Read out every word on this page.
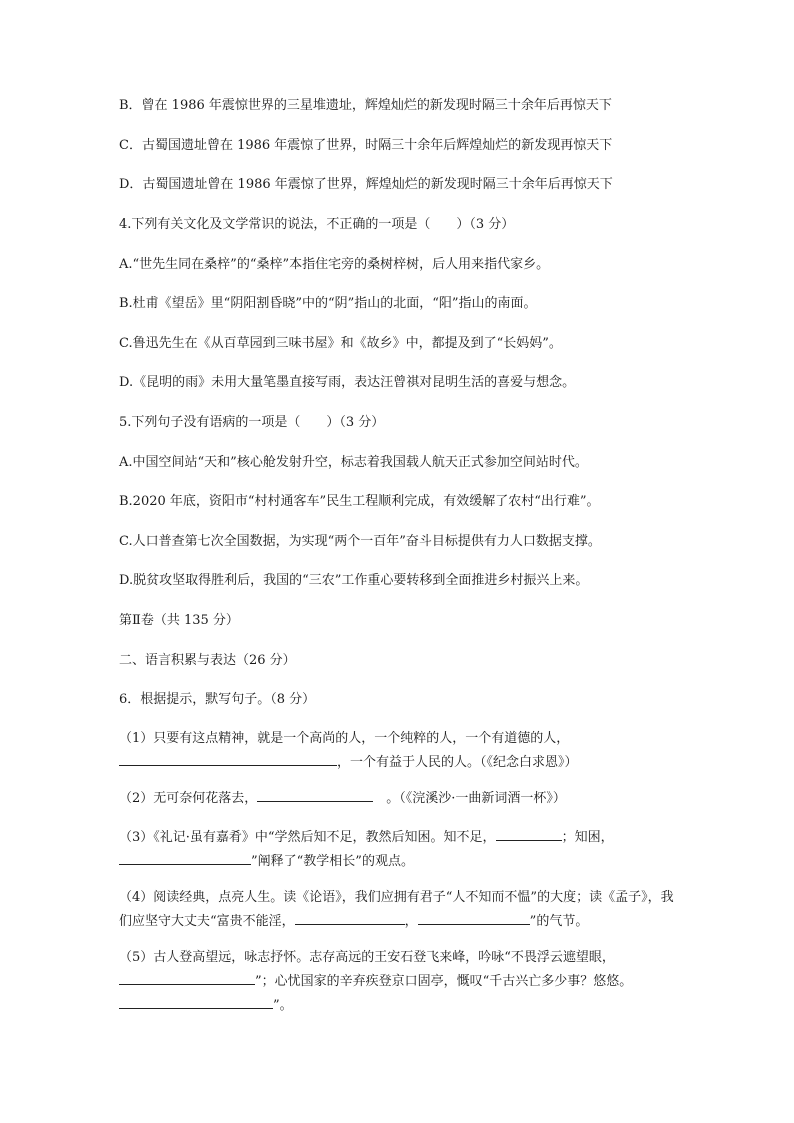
B．曾在 1986 年震惊世界的三星堆遗址，辉煌灿烂的新发现时隔三十余年后再惊天下
C．古蜀国遗址曾在 1986 年震惊了世界，时隔三十余年后辉煌灿烂的新发现再惊天下
D．古蜀国遗址曾在 1986 年震惊了世界，辉煌灿烂的新发现时隔三十余年后再惊天下
4.下列有关文化及文学常识的说法，不正确的一项是（　　）（3 分）
A.“世先生同在桑梓”的“桑梓”本指住宅旁的桑树梓树，后人用来指代家乡。
B.杜甫《望岳》里“阴阳割昏晓”中的“阴”指山的北面，“阳”指山的南面。
C.鲁迅先生在《从百草园到三味书屋》和《故乡》中，都提及到了“长妈妈”。
D.《昆明的雨》未用大量笔墨直接写雨，表达汪曾祺对昆明生活的喜爱与想念。
5.下列句子没有语病的一项是（　　）（3 分）
A.中国空间站“天和”核心舱发射升空，标志着我国载人航天正式参加空间站时代。
B.2020 年底，资阳市“村村通客车”民生工程顺利完成，有效缓解了农村“出行难”。
C.人口普查第七次全国数据，为实现“两个一百年”奋斗目标提供有力人口数据支撑。
D.脱贫攻坚取得胜利后，我国的“三农”工作重心要转移到全面推进乡村振兴上来。
第Ⅱ卷（共 135 分）
二、语言积累与表达（26 分）
6．根据提示，默写句子。（8 分）
（1）只要有这点精神，就是一个高尚的人，一个纯粹的人，一个有道德的人，
，一个有益于人民的人。（《纪念白求恩》）
（2）无可奈何花落去，　	。（《浣溪沙·一曲新词酒一杯》）
（3）《礼记·虽有嘉肴》中“学然后知不足，教然后知困。知不足，	；知困，
”阐释了“教学相长”的观点。
（4）阅读经典，点亮人生。读《论语》，我们应拥有君子“人不知而不愠”的大度；读《孟子》，我们应坚守大丈夫“富贵不能淫，	，	”的气节。
（5）古人登高望远，咏志抒怀。志存高远的王安石登飞来峰，吟咏“不畏浮云遮望眼，
”；心忧国家的辛弃疾登京口固亭，慨叹“千古兴亡多少事？悠悠。
”。
